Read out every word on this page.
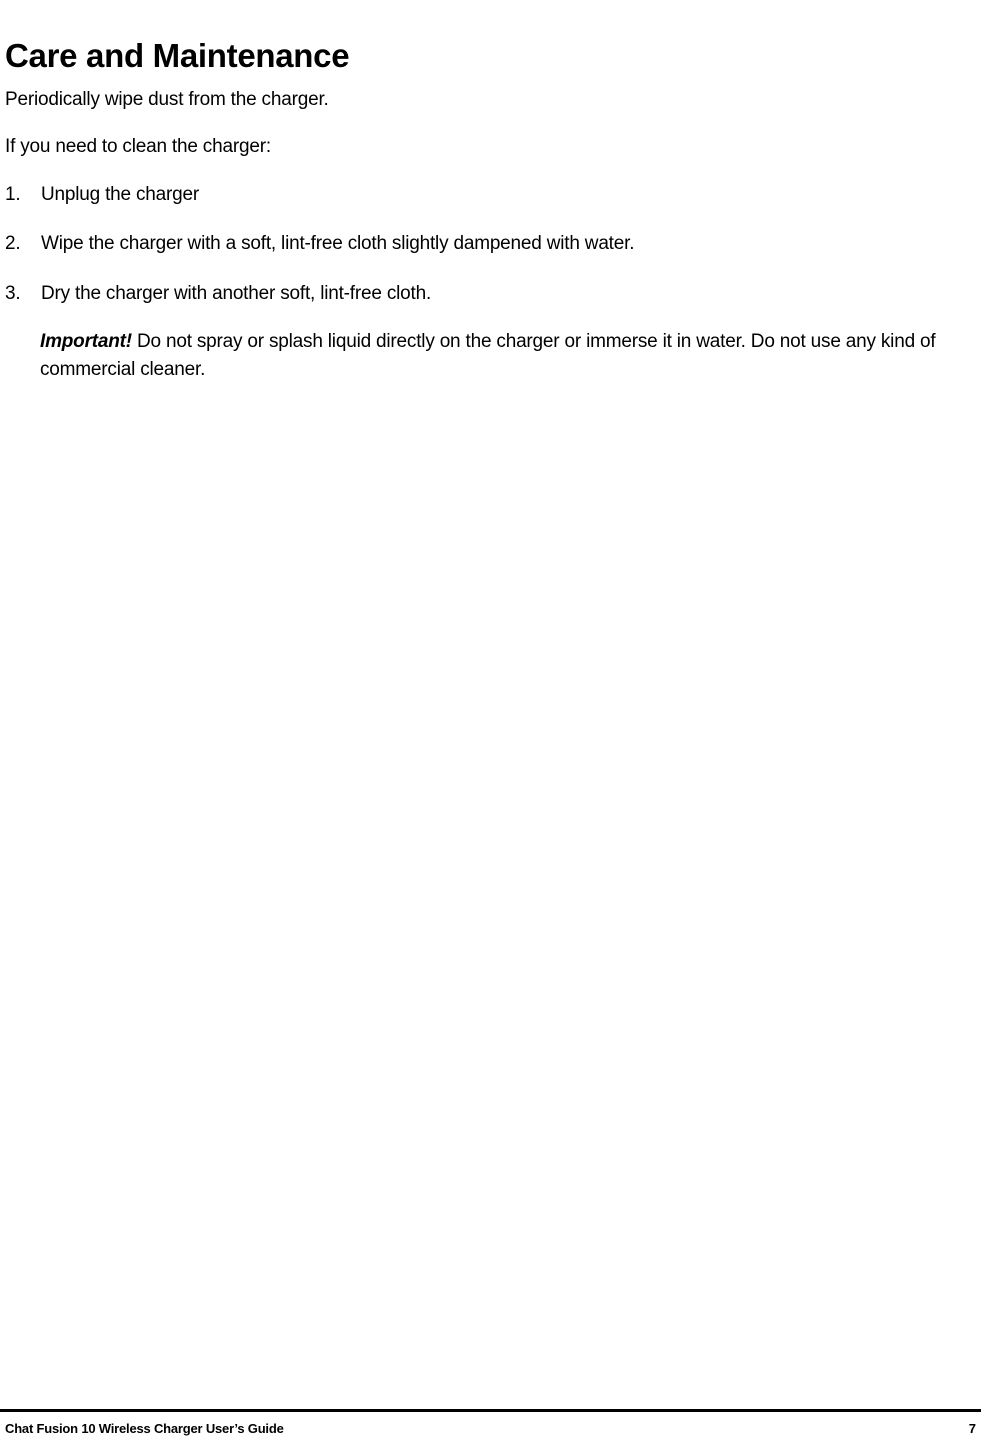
Care and Maintenance

Periodically wipe dust from the charger.

If you need to clean the charger:

1. Unplug the charger

2. Wipe the charger with a soft, lint-free cloth slightly dampened with water.

3. Dry the charger with another soft, lint-free cloth.

Important! Do not spray or splash liquid directly on the charger or immerse it in water. Do not use any kind of commercial cleaner.

Chat Fusion 10 Wireless Charger User’s Guide	7
